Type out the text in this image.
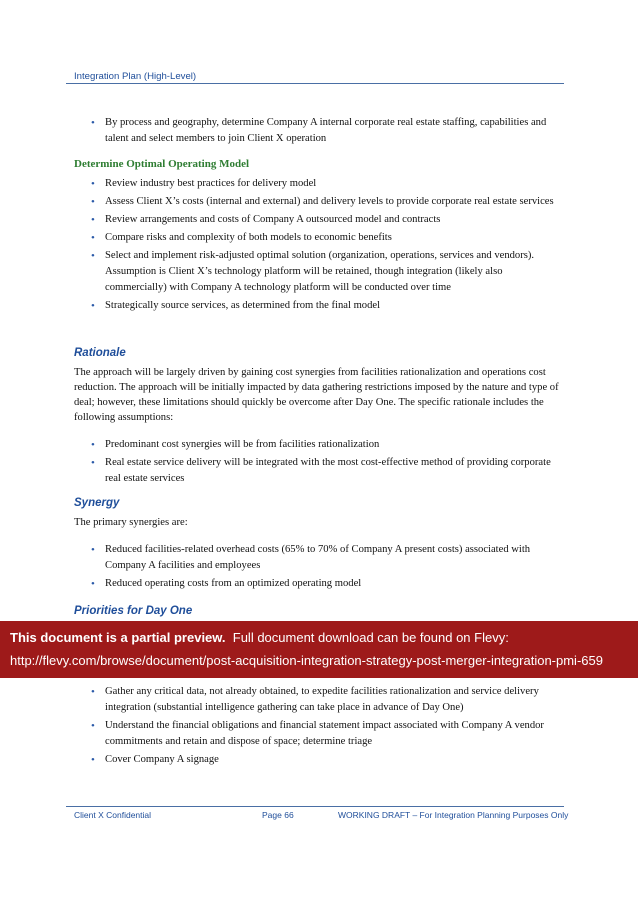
Integration Plan (High-Level)
• By process and geography, determine Company A internal corporate real estate staffing, capabilities and talent and select members to join Client X operation
Determine Optimal Operating Model
• Review industry best practices for delivery model
• Assess Client X’s costs (internal and external) and delivery levels to provide corporate real estate services
• Review arrangements and costs of Company A outsourced model and contracts
• Compare risks and complexity of both models to economic benefits
• Select and implement risk-adjusted optimal solution (organization, operations, services and vendors). Assumption is Client X’s technology platform will be retained, though integration (likely also commercially) with Company A technology platform will be conducted over time
• Strategically source services, as determined from the final model
Rationale

The approach will be largely driven by gaining cost synergies from facilities rationalization and operations cost reduction. The approach will be initially impacted by data gathering restrictions imposed by the nature and type of deal; however, these limitations should quickly be overcome after Day One. The specific rationale includes the following assumptions:

• Predominant cost synergies will be from facilities rationalization
• Real estate service delivery will be integrated with the most cost-effective method of providing corporate real estate services
Synergy

The primary synergies are:

• Reduced facilities-related overhead costs (65% to 70% of Company A present costs) associated with Company A facilities and employees
• Reduced operating costs from an optimized operating model
Priorities for Day One
• Gather any critical data, not already obtained, to expedite facilities rationalization and service delivery integration (substantial intelligence gathering can take place in advance of Day One)
• Understand the financial obligations and financial statement impact associated with Company A vendor commitments and retain and dispose of space; determine triage
• Cover Company A signage
This document is a partial preview.  Full document download can be found on Flevy:
http://flevy.com/browse/document/post-acquisition-integration-strategy-post-merger-integration-pmi-659
Client X Confidential	Page 66	WORKING DRAFT – For Integration Planning Purposes Only
